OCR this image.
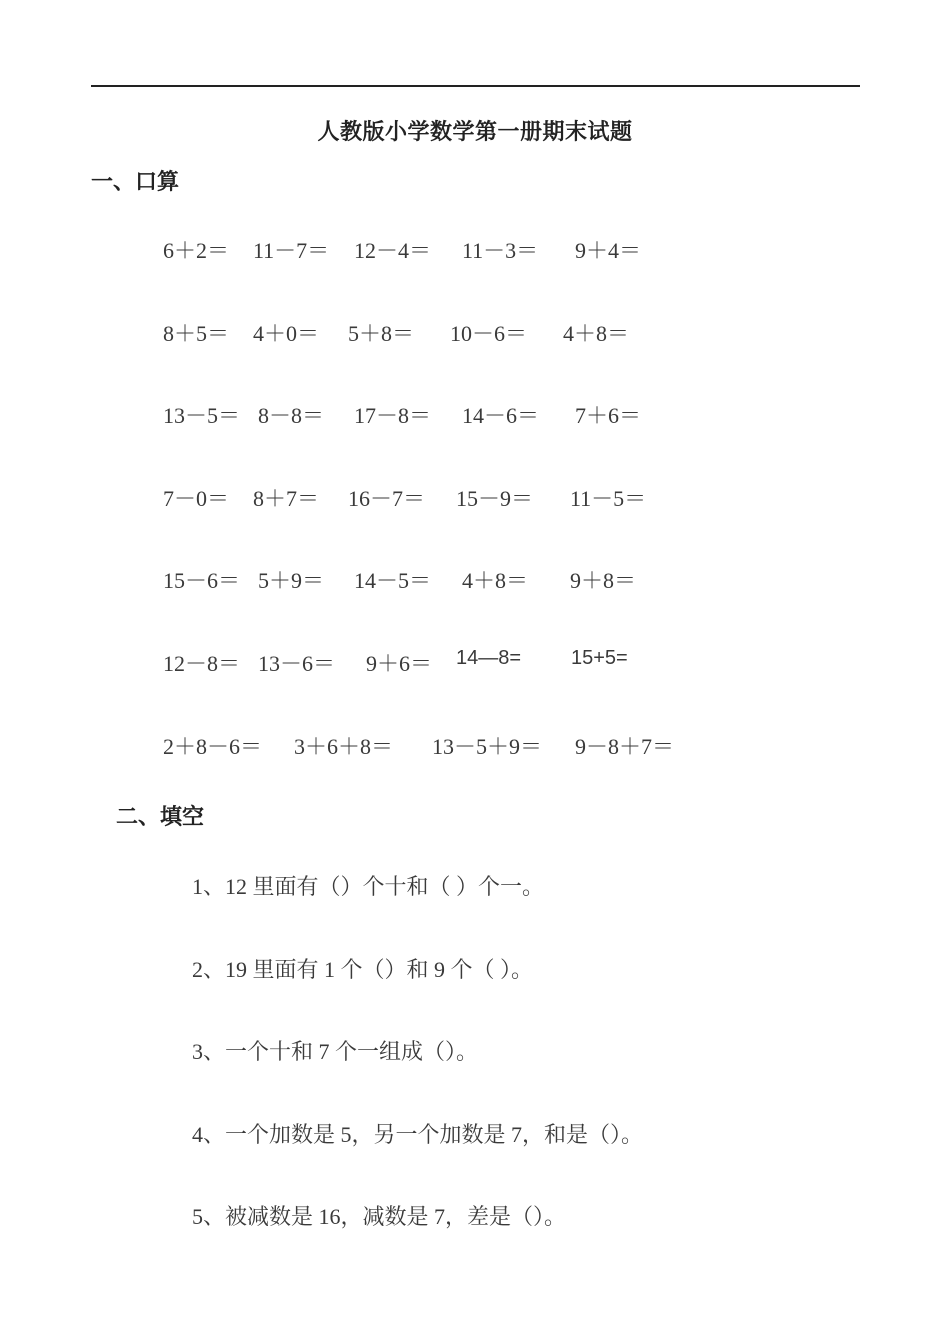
人教版小学数学第一册期末试题
一、口算
6＋2＝ 11－7＝ 12－4＝ 11－3＝ 9＋4＝
8＋5＝ 4＋0＝ 5＋8＝ 10－6＝ 4＋8＝
13－5＝ 8－8＝ 17－8＝ 14－6＝ 7＋6＝
7－0＝ 8＋7＝ 16－7＝ 15－9＝ 11－5＝
15－6＝ 5＋9＝ 14－5＝ 4＋8＝ 9＋8＝
12－8＝ 13－6＝ 9＋6＝ 14—8= 15+5=
2＋8－6＝ 3＋6＋8＝ 13－5＋9＝ 9－8＋7＝
二、填空
1、12 里面有（）个十和（ ）个一。
2、19 里面有 1 个（）和 9 个（ ）。
3、一个十和 7 个一组成（）。
4、一个加数是 5，另一个加数是 7，和是（）。
5、被减数是 16，减数是 7，差是（）。
